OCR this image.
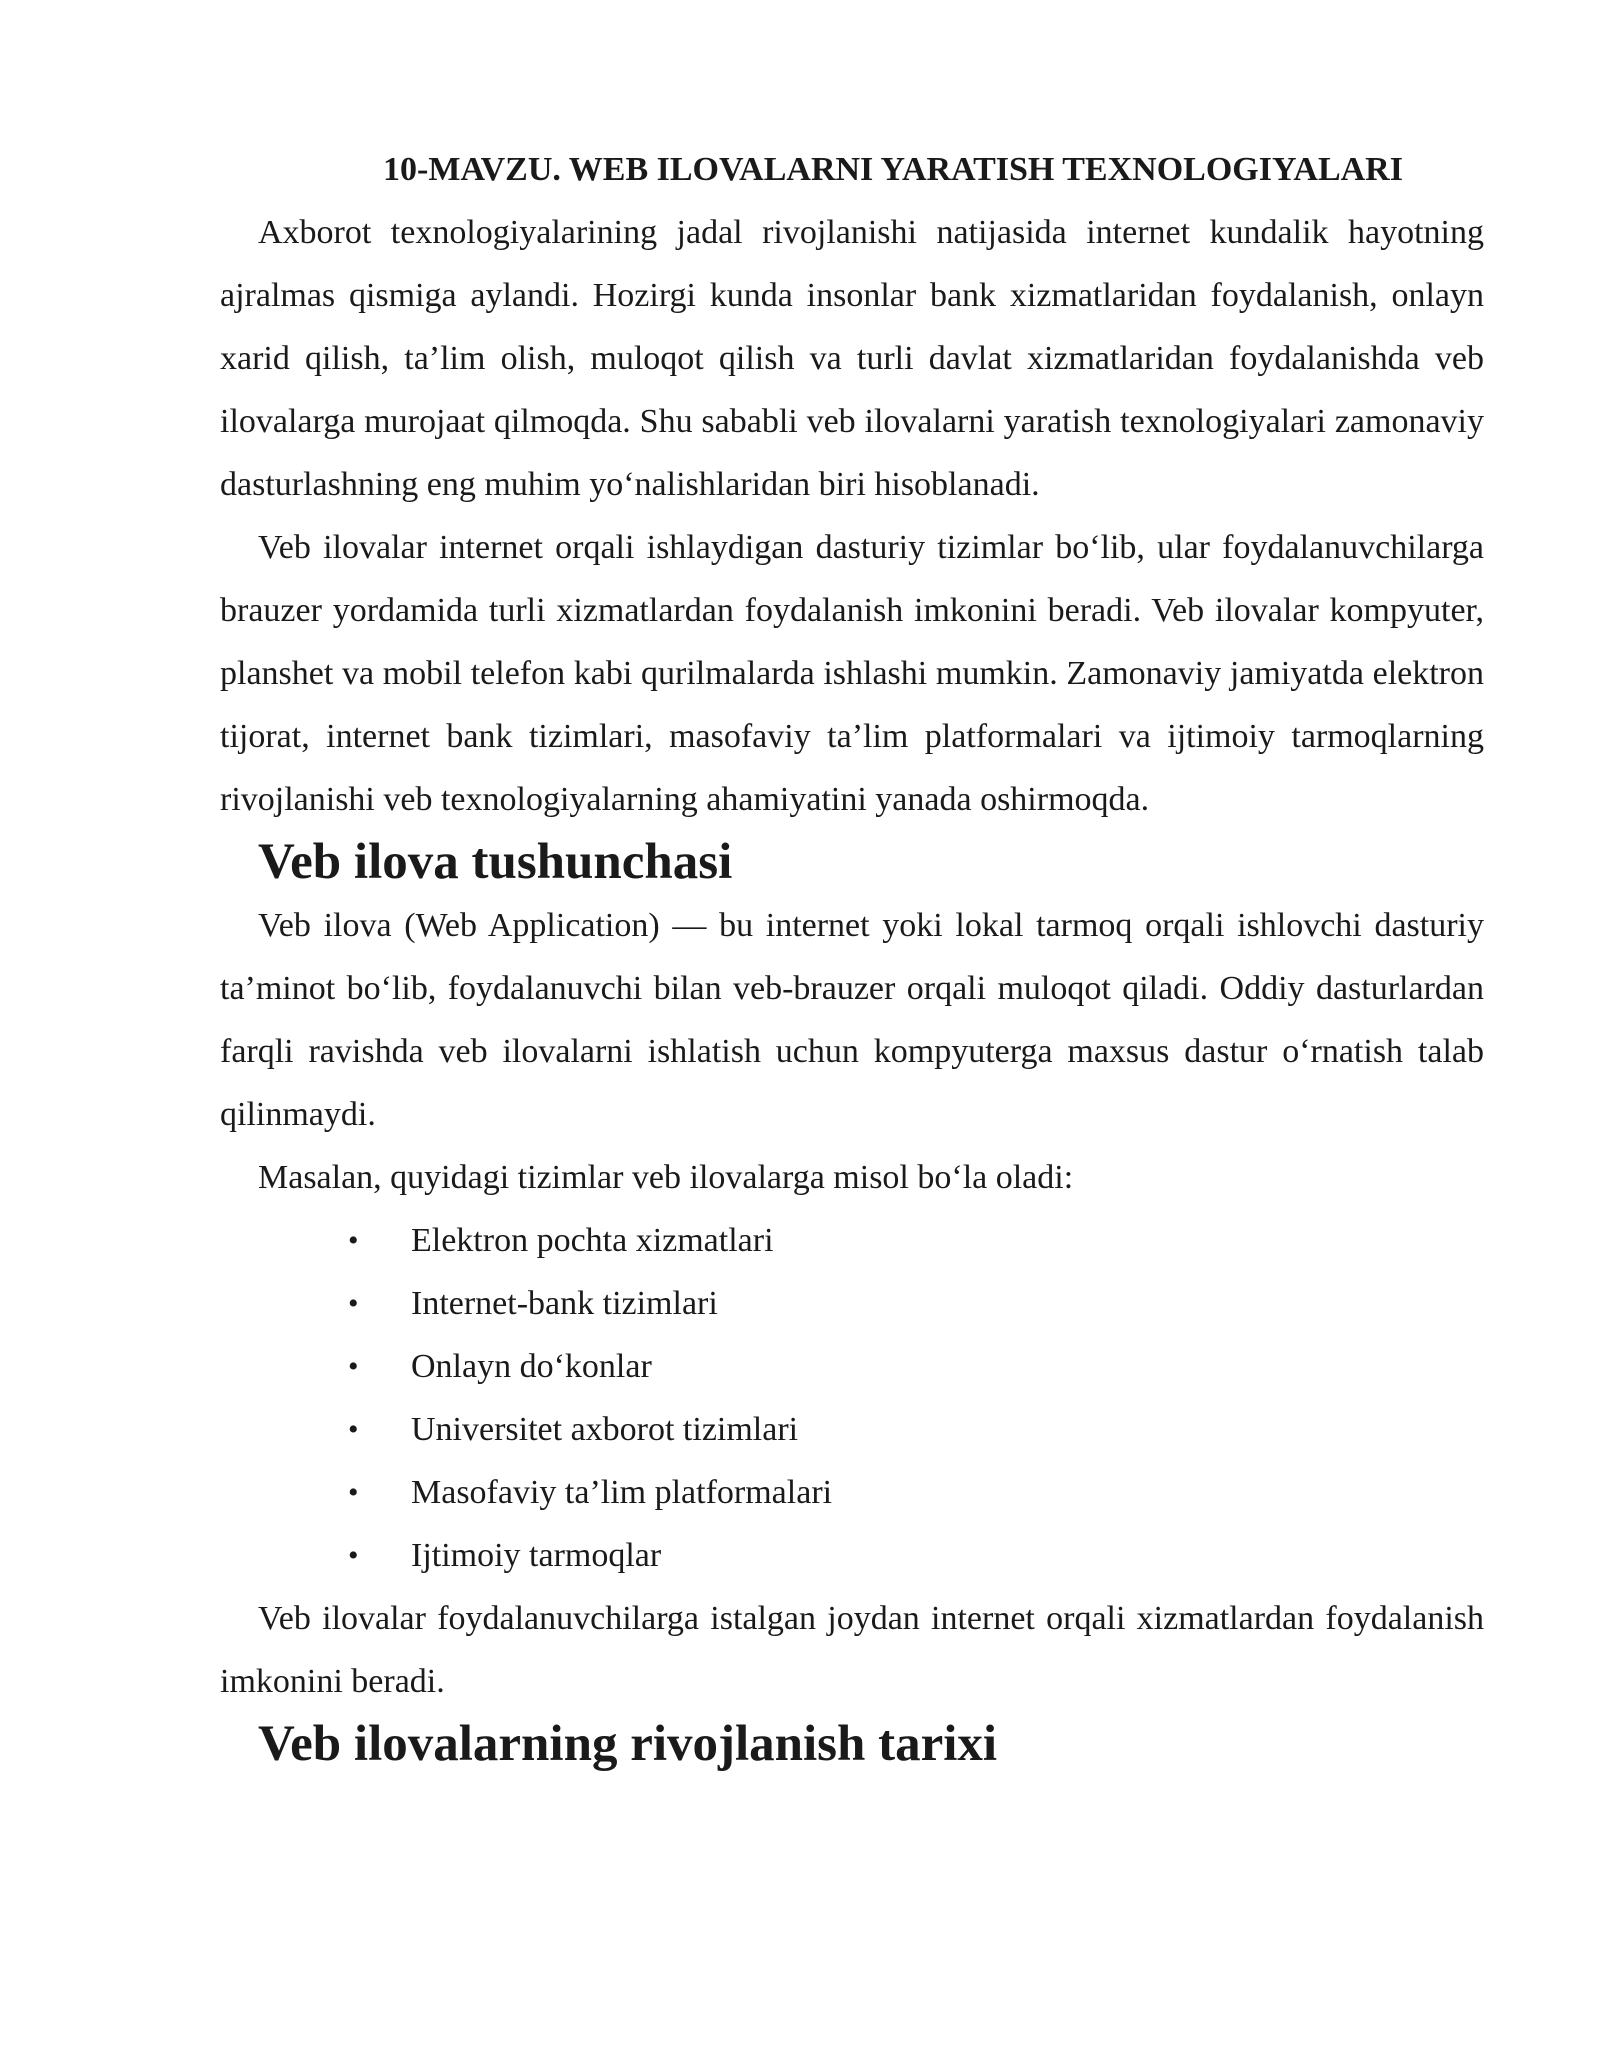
10-MAVZU. WEB ILOVALARNI YARATISH TEXNOLOGIYALARI

Axborot texnologiyalarining jadal rivojlanishi natijasida internet kundalik hayotning ajralmas qismiga aylandi. Hozirgi kunda insonlar bank xizmatlaridan foydalanish, onlayn xarid qilish, ta’lim olish, muloqot qilish va turli davlat xizmatlaridan foydalanishda veb ilovalarga murojaat qilmoqda. Shu sababli veb ilovalarni yaratish texnologiyalari zamonaviy dasturlashning eng muhim yo‘nalishlaridan biri hisoblanadi.

Veb ilovalar internet orqali ishlaydigan dasturiy tizimlar bo‘lib, ular foydalanuvchilarga brauzer yordamida turli xizmatlardan foydalanish imkonini beradi. Veb ilovalar kompyuter, planshet va mobil telefon kabi qurilmalarda ishlashi mumkin. Zamonaviy jamiyatda elektron tijorat, internet bank tizimlari, masofaviy ta’lim platformalari va ijtimoiy tarmoqlarning rivojlanishi veb texnologiyalarning ahamiyatini yanada oshirmoqda.

Veb ilova tushunchasi

Veb ilova (Web Application) — bu internet yoki lokal tarmoq orqali ishlovchi dasturiy ta’minot bo‘lib, foydalanuvchi bilan veb-brauzer orqali muloqot qiladi. Oddiy dasturlardan farqli ravishda veb ilovalarni ishlatish uchun kompyuterga maxsus dastur o‘rnatish talab qilinmaydi.

Masalan, quyidagi tizimlar veb ilovalarga misol bo‘la oladi:

• Elektron pochta xizmatlari
• Internet-bank tizimlari
• Onlayn do‘konlar
• Universitet axborot tizimlari
• Masofaviy ta’lim platformalari
• Ijtimoiy tarmoqlar

Veb ilovalar foydalanuvchilarga istalgan joydan internet orqali xizmatlardan foydalanish imkonini beradi.

Veb ilovalarning rivojlanish tarixi
